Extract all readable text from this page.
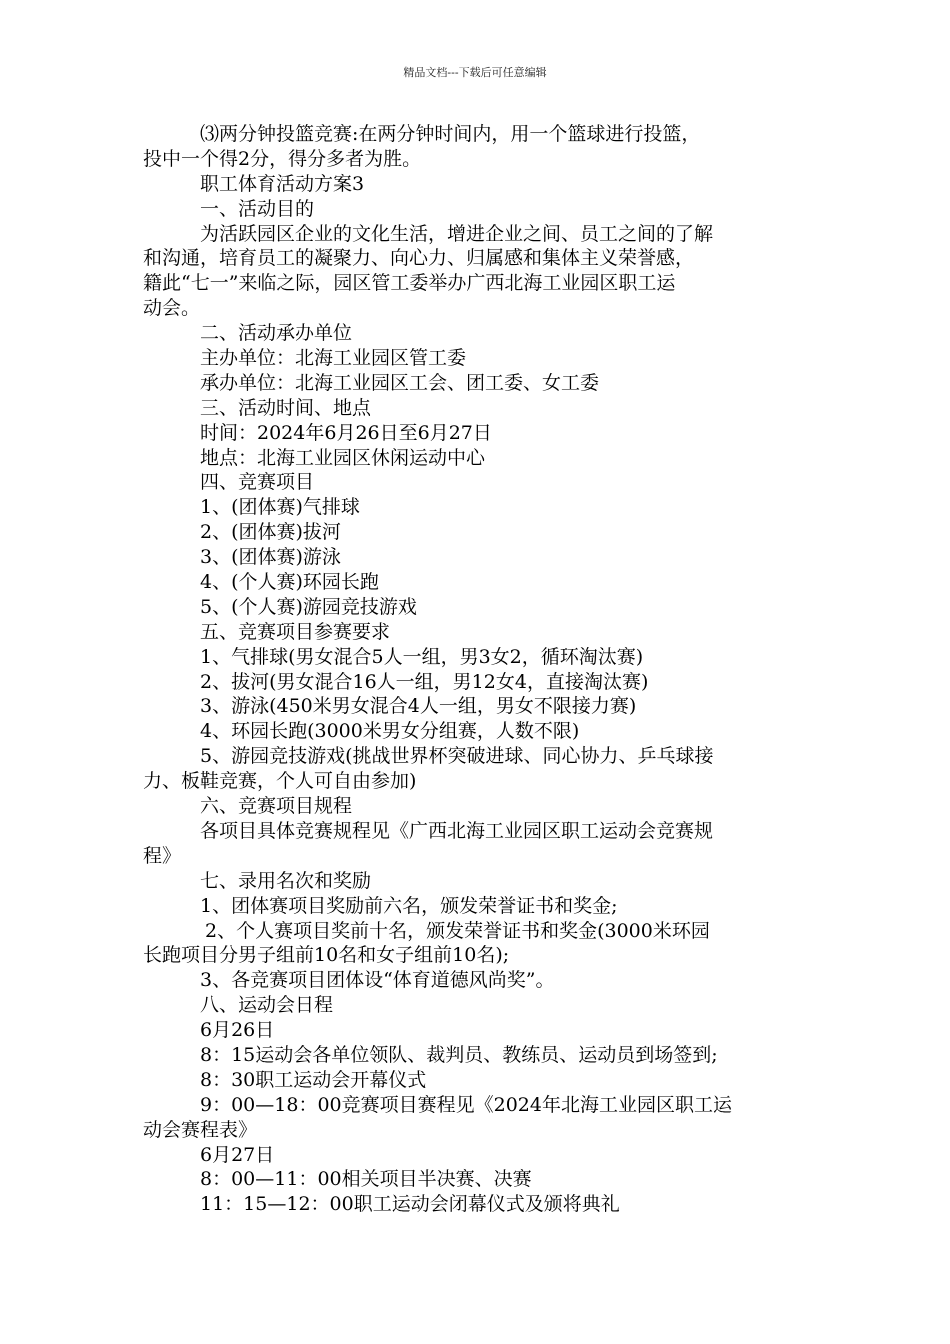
精品文档---下载后可任意编辑
⑶两分钟投篮竞赛:在两分钟时间内，用一个篮球进行投篮，
投中一个得2分，得分多者为胜。
职工体育活动方案3
一、活动目的
为活跃园区企业的文化生活，增进企业之间、员工之间的了解
和沟通，培育员工的凝聚力、向心力、归属感和集体主义荣誉感，
籍此“七一”来临之际，园区管工委举办广西北海工业园区职工运
动会。
二、活动承办单位
主办单位：北海工业园区管工委
承办单位：北海工业园区工会、团工委、女工委
三、活动时间、地点
时间：2024年6月26日至6月27日
地点：北海工业园区休闲运动中心
四、竞赛项目
1、(团体赛)气排球
2、(团体赛)拔河
3、(团体赛)游泳
4、(个人赛)环园长跑
5、(个人赛)游园竞技游戏
五、竞赛项目参赛要求
1、气排球(男女混合5人一组，男3女2，循环淘汰赛)
2、拔河(男女混合16人一组，男12女4，直接淘汰赛)
3、游泳(450米男女混合4人一组，男女不限接力赛)
4、环园长跑(3000米男女分组赛，人数不限)
5、游园竞技游戏(挑战世界杯突破进球、同心协力、乒乓球接
力、板鞋竞赛，个人可自由参加)
六、竞赛项目规程
各项目具体竞赛规程见《广西北海工业园区职工运动会竞赛规
程》
七、录用名次和奖励
1、团体赛项目奖励前六名，颁发荣誉证书和奖金;
2、个人赛项目奖前十名，颁发荣誉证书和奖金(3000米环园
长跑项目分男子组前10名和女子组前10名);
3、各竞赛项目团体设“体育道德风尚奖”。
八、运动会日程
6月26日
8：15运动会各单位领队、裁判员、教练员、运动员到场签到;
8：30职工运动会开幕仪式
9：00—18：00竞赛项目赛程见《2024年北海工业园区职工运
动会赛程表》
6月27日
8：00—11：00相关项目半决赛、决赛
11：15—12：00职工运动会闭幕仪式及颁将典礼
